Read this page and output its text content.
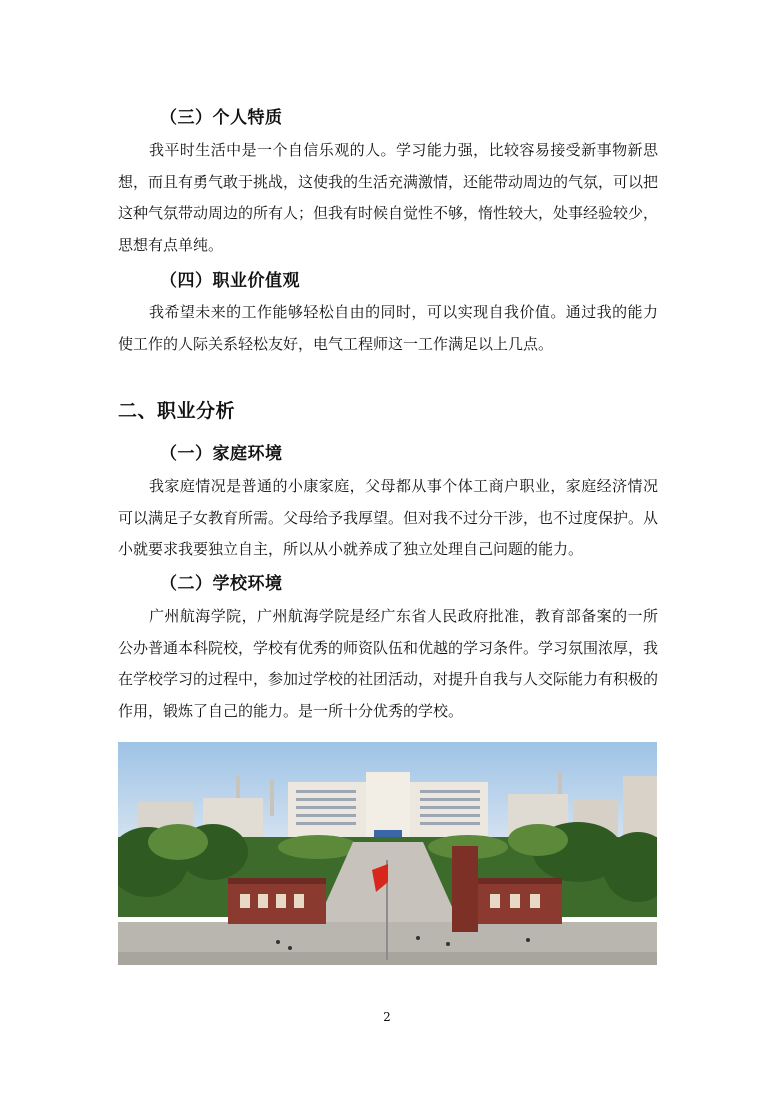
（三）个人特质

我平时生活中是一个自信乐观的人。学习能力强，比较容易接受新事物新思想，而且有勇气敢于挑战，这使我的生活充满激情，还能带动周边的气氛，可以把这种气氛带动周边的所有人；但我有时候自觉性不够，惰性较大，处事经验较少，思想有点单纯。

（四）职业价值观

我希望未来的工作能够轻松自由的同时，可以实现自我价值。通过我的能力使工作的人际关系轻松友好，电气工程师这一工作满足以上几点。

二、职业分析
（一）家庭环境

我家庭情况是普通的小康家庭，父母都从事个体工商户职业，家庭经济情况可以满足子女教育所需。父母给予我厚望。但对我不过分干涉，也不过度保护。从小就要求我要独立自主，所以从小就养成了独立处理自己问题的能力。

（二）学校环境

广州航海学院，广州航海学院是经广东省人民政府批准，教育部备案的一所公办普通本科院校，学校有优秀的师资队伍和优越的学习条件。学习氛围浓厚，我在学校学习的过程中，参加过学校的社团活动，对提升自我与人交际能力有积极的作用，锻炼了自己的能力。是一所十分优秀的学校。

2
